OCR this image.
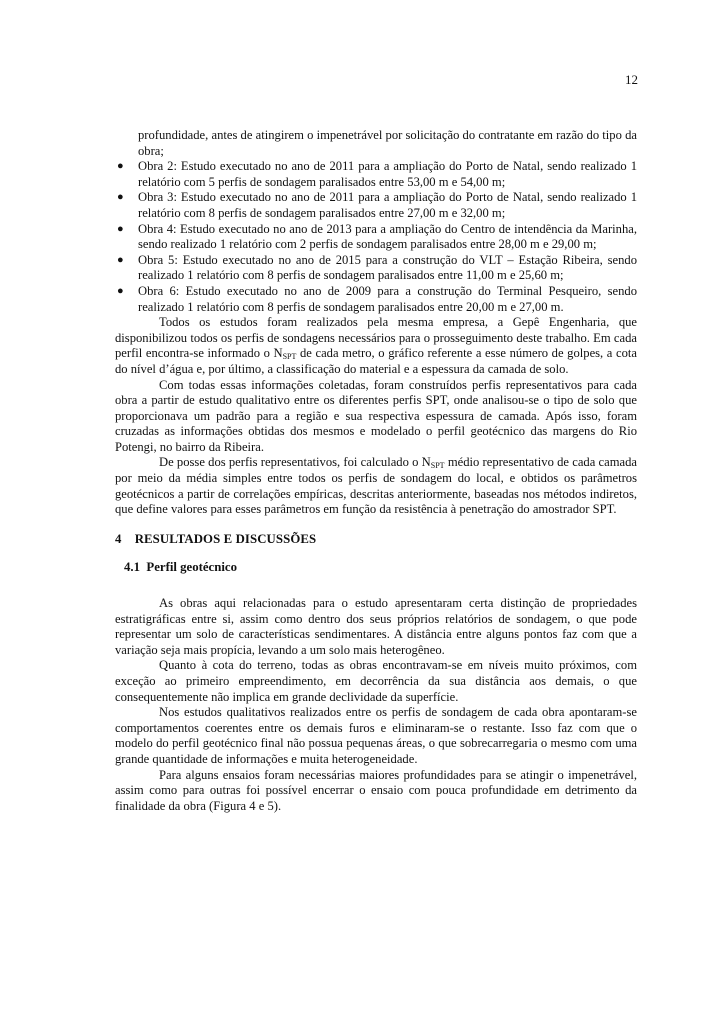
12
profundidade, antes de atingirem o impenetrável por solicitação do contratante em razão do tipo da obra;
● Obra 2: Estudo executado no ano de 2011 para a ampliação do Porto de Natal, sendo realizado 1 relatório com 5 perfis de sondagem paralisados entre 53,00 m e 54,00 m;
● Obra 3: Estudo executado no ano de 2011 para a ampliação do Porto de Natal, sendo realizado 1 relatório com 8 perfis de sondagem paralisados entre 27,00 m e 32,00 m;
● Obra 4: Estudo executado no ano de 2013 para a ampliação do Centro de intendência da Marinha, sendo realizado 1 relatório com 2 perfis de sondagem paralisados entre 28,00 m e 29,00 m;
● Obra 5: Estudo executado no ano de 2015 para a construção do VLT – Estação Ribeira, sendo realizado 1 relatório com 8 perfis de sondagem paralisados entre 11,00 m e 25,60 m;
● Obra 6: Estudo executado no ano de 2009 para a construção do Terminal Pesqueiro, sendo realizado 1 relatório com 8 perfis de sondagem paralisados entre 20,00 m e 27,00 m.

Todos os estudos foram realizados pela mesma empresa, a Gepê Engenharia, que disponibilizou todos os perfis de sondagens necessários para o prosseguimento deste trabalho. Em cada perfil encontra-se informado o $N_{SPT}$ de cada metro, o gráfico referente a esse número de golpes, a cota do nível d’água e, por último, a classificação do material e a espessura da camada de solo.

Com todas essas informações coletadas, foram construídos perfis representativos para cada obra a partir de estudo qualitativo entre os diferentes perfis SPT, onde analisou-se o tipo de solo que proporcionava um padrão para a região e sua respectiva espessura de camada. Após isso, foram cruzadas as informações obtidas dos mesmos e modelado o perfil geotécnico das margens do Rio Potengi, no bairro da Ribeira.

De posse dos perfis representativos, foi calculado o $N_{SPT}$ médio representativo de cada camada por meio da média simples entre todos os perfis de sondagem do local, e obtidos os parâmetros geotécnicos a partir de correlações empíricas, descritas anteriormente, baseadas nos métodos indiretos, que define valores para esses parâmetros em função da resistência à penetração do amostrador SPT.

4    RESULTADOS E DISCUSSÕES

4.1  Perfil geotécnico

As obras aqui relacionadas para o estudo apresentaram certa distinção de propriedades estratigráficas entre si, assim como dentro dos seus próprios relatórios de sondagem, o que pode representar um solo de características sendimentares. A distância entre alguns pontos faz com que a variação seja mais propícia, levando a um solo mais heterogêneo.

Quanto à cota do terreno, todas as obras encontravam-se em níveis muito próximos, com exceção ao primeiro empreendimento, em decorrência da sua distância aos demais, o que consequentemente não implica em grande declividade da superfície.

Nos estudos qualitativos realizados entre os perfis de sondagem de cada obra apontaram-se comportamentos coerentes entre os demais furos e eliminaram-se o restante. Isso faz com que o modelo do perfil geotécnico final não possua pequenas áreas, o que sobrecarregaria o mesmo com uma grande quantidade de informações e muita heterogeneidade.

Para alguns ensaios foram necessárias maiores profundidades para se atingir o impenetrável, assim como para outras foi possível encerrar o ensaio com pouca profundidade em detrimento da finalidade da obra (Figura 4 e 5).
